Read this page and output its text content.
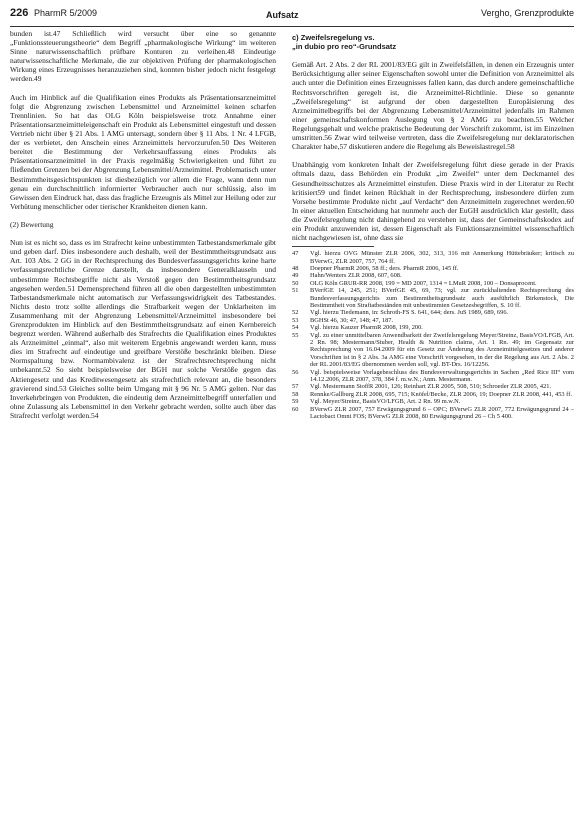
226 PharmR 5/2009	Aufsatz	Vergho, Grenzprodukte

bunden ist.47 Schließlich wird versucht über eine so genannte „Funktionssteuerungstheorie“ dem Begriff „pharmakologische Wirkung“ im weiteren Sinne naturwissenschaftlich prüfbare Konturen zu verleihen.48 Eindeutige naturwissenschaftliche Merkmale, die zur objektiven Prüfung der pharmakologischen Wirkung eines Erzeugnisses heranzuziehen sind, konnten bisher jedoch nicht festgelegt werden.49

Auch im Hinblick auf die Qualifikation eines Produkts als Präsentationsarzneimittel folgt die Abgrenzung zwischen Lebensmittel und Arzneimittel keinen scharfen Trennlinien. So hat das OLG Köln beispielsweise trotz Annahme einer Präsentationsarzneimitteleigenschaft ein Produkt als Lebensmittel eingestuft und dessen Vertrieb nicht über § 21 Abs. 1 AMG untersagt, sondern über § 11 Abs. 1 Nr. 4 LFGB, der es verbietet, den Anschein eines Arzneimittels hervorzurufen.50 Des Weiteren bereitet die Bestimmung der Verkehrsauffassung eines Produkts als Präsentationsarzneimittel in der Praxis regelmäßig Schwierigkeiten und führt zu fließenden Grenzen bei der Abgrenzung Lebensmittel/Arzneimittel. Problematisch unter Bestimmtheitsgesichtspunkten ist diesbezüglich vor allem die Frage, wann denn nun genau ein durchschnittlich informierter Verbraucher auch nur schlüssig, also im Gewissen den Eindruck hat, dass das fragliche Erzeugnis als Mittel zur Heilung oder zur Verhütung menschlicher oder tierischer Krankheiten dienen kann.

(2) Bewertung

Nun ist es nicht so, dass es im Strafrecht keine unbestimmten Tatbestandsmerkmale gibt und geben darf. Dies insbesondere auch deshalb, weil der Bestimmtheitsgrundsatz aus Art. 103 Abs. 2 GG in der Rechtsprechung des Bundesverfassungsgerichts keine harte verfassungsrechtliche Grenze darstellt, da insbesondere Generalklauseln und unbestimmte Rechtsbegriffe nicht als Verstoß gegen den Bestimmtheitsgrundsatz angesehen werden.51 Demensprechend führen all die oben dargestellten unbestimmten Tatbestandsmerkmale nicht automatisch zur Verfassungswidrigkeit des Tatbestandes. Nichts desto trotz sollte allerdings die Strafbarkeit wegen der Unklarheiten im Zusammenhang mit der Abgrenzung Lebensmittel/Arzneimittel insbesondere bei Grenzprodukten im Hinblick auf den Bestimmtheitsgrundsatz auf einen Kernbereich begrenzt werden. Während außerhalb des Strafrechts die Qualifikation eines Produktes als Arzneimittel „einmal“, also mit weiterem Ergebnis angewandt werden kann, muss dies im Strafrecht auf eindeutige und greifbare Verstöße beschränkt bleiben. Diese Normspaltung bzw. Normambivalenz ist der Strafrechtsrechtsprechung nicht unbekannt.52 So sieht beispielsweise der BGH nur solche Verstöße gegen das Aktiengesetz und das Kreditwesengesetz als strafrechtlich relevant an, die besonders gravierend sind.53 Gleiches sollte beim Umgang mit § 96 Nr. 5 AMG gelten. Nur das Inverkehrbringen von Produkten, die eindeutig dem Arzneimittelbegriff unterfallen und ohne Zulassung als Lebensmittel in den Verkehr gebracht werden, sollte auch über das Strafrecht verfolgt werden.54

c) Zweifelsregelung vs.

„in dubio pro reo“-Grundsatz

Gemäß Art. 2 Abs. 2 der RL 2001/83/EG gilt in Zweifelsfällen, in denen ein Erzeugnis unter Berücksichtigung aller seiner Eigenschaften sowohl unter die Definition von Arzneimittel als auch unter die Definition eines Erzeugnisses fallen kann, das durch andere gemeinschaftliche Rechtsvorschriften geregelt ist, die Arzneimittel-Richtlinie. Diese so genannte „Zweifelsregelung“ ist aufgrund der oben dargestellten Europäisierung des Arzneimittelbegriffs bei der Abgrenzung Lebensmittel/Arzneimittel jedenfalls im Rahmen einer gemeinschaftskonformen Auslegung von § 2 AMG zu beachten.55 Welcher Regelungsgehalt und welche praktische Bedeutung der Vorschrift zukommt, ist im Einzelnen umstritten.56 Zwar wird teilweise vertreten, dass die Zweifelsregelung nur deklaratorischen Charakter habe,57 diskutieren andere die Regelung als Beweislastregel.58

Unabhängig vom konkreten Inhalt der Zweifelsregelung führt diese gerade in der Praxis oftmals dazu, dass Behörden ein Produkt „im Zweifel“ unter dem Deckmantel des Gesundheitsschutzes als Arzneimittel einstufen. Diese Praxis wird in der Literatur zu Recht kritisiert59 und findet keinen Rückhalt in der Rechtsprechung, insbesondere dürfen zum Vorsehe bestimmte Produkte nicht „auf Verdacht“ den Arzneimitteln zugerechnet werden.60 In einer aktuellen Entscheidung hat nunmehr auch der EuGH ausdrücklich klar gestellt, dass die Zweifelsregelung nicht dahingehend zu verstehen ist, dass der Gemeinschaftskodex auf ein Produkt anzuwenden ist, dessen Eigenschaft als Funktionsarzneimittel wissenschaftlich nicht nachgewiesen ist, ohne dass sie

47	Vgl. hierzu OVG Münster ZLR 2006, 302, 313, 316 mit Anmerkung Hüttebräuker; kritisch zu BVerwG, ZLR 2007, 757, 764 ff.
48	Doepner PharmR 2006, 58 ff.; ders. PharmR 2006, 145 ff.
49	Hahn/Wenters ZLR 2008, 607, 608.
50	OLG Köln GRUR-RR 2008, 199 = MD 2007, 1314 = LMuR 2008, 100 – Donsaprocent.
51	BVerfGE 14, 245, 251; BVerfGE 45, 69, 73; vgl. zur zurückhaltenden Rechtsprechung des Bundesverfassungsgerichts zum Bestimmtheitsgrundsatz auch ausführlich Birkenstock, Die Bestimmtheit von Straftatbeständen mit unbestimmten Gesetzesbegriffen, S. 10 ff.
52	Vgl. hierzu Tiedemann, in: Schroth-FS S. 641, 644; ders. JuS 1989, 689, 696.
53	BGHSt 46, 30; 47, 148; 47, 187.
54	Vgl. hierzu Kauzer PharmR 2008, 199, 200.
55	Vgl. zu einer unmittelbaren Anwendbarkeit der Zweifelsregelung Meyer/Streinz, BasisVO/LFGB, Art. 2 Rn. 98; Mestermann/Stuber, Health & Nutrition claims, Art. 1 Rn. 49; im Gegensatz zur Rechtsprechung von 16.04.2009 für ein Gesetz zur Änderung des Arzneimittelgesetzes und anderer Vorschriften ist in § 2 Abs. 3a AMG eine Vorschrift vorgesehen, in der die Regelung aus Art. 2 Abs. 2 der RL 2001/83/EG übernommen werden soll, vgl. BT-Drs. 16/12256.
56	Vgl. beispielsweise Vorlagebeschluss des Bundesverwaltungsgerichts in Sachen „Red Rice III“ vom 14.12.2006, ZLR 2007, 378, 384 f. m.w.N.; Anm. Mestermann.
57	Vgl. Mestermann StoffR 2001, 126; Reinhart ZLR 2005, 508, 510; Schroeder ZLR 2005, 421.
58	Rennke/Gallburg ZLR 2008, 695, 715; Knöfel/Becke, ZLR 2006, 19; Doepner ZLR 2008, 441, 453 ff.
59	Vgl. Meyer/Streinz, BasisVO/LFGB, Art. 2 Rn. 99 m.w.N.
60	BVerwG ZLR 2007, 757 Erwägungsgrund 6 – OPC; BVerwG ZLR 2007, 772 Erwägungsgrund 24 – Lactobact Omni FOS; BVerwG ZLR 2008, 80 Erwägungsgrund 26 – Ch 5 400.
